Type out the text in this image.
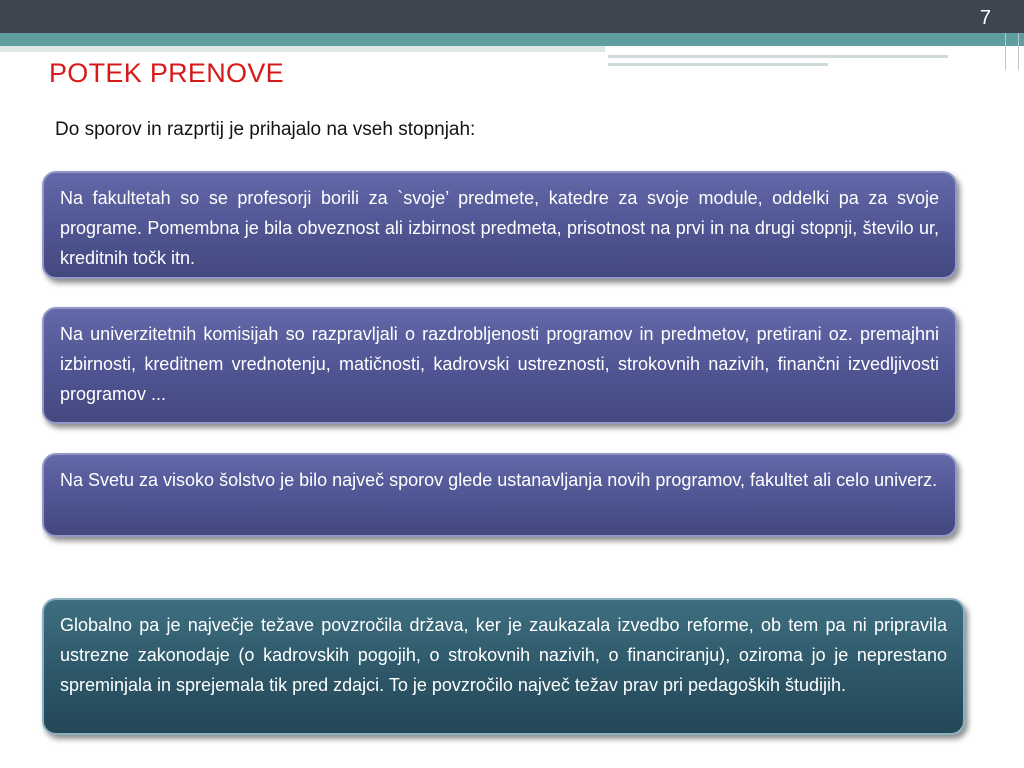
7
POTEK PRENOVE
Do sporov in razprtij je prihajalo na vseh stopnjah:
Na fakultetah so se profesorji borili za `svoje’ predmete, katedre za svoje module, oddelki pa za svoje programe. Pomembna je bila obveznost ali izbirnost predmeta, prisotnost na prvi in na drugi stopnji, število ur, kreditnih točk itn.
Na univerzitetnih komisijah so razpravljali o razdrobljenosti programov in predmetov, pretirani oz. premajhni izbirnosti, kreditnem vrednotenju, matičnosti, kadrovski ustreznosti, strokovnih nazivih, finančni izvedljivosti programov ...
Na Svetu za visoko šolstvo je bilo največ sporov glede ustanavljanja novih programov, fakultet ali celo univerz.
Globalno pa je največje težave povzročila država, ker je zaukazala izvedbo reforme, ob tem pa ni pripravila ustrezne zakonodaje (o kadrovskih pogojih, o strokovnih nazivih, o financiranju), oziroma jo je neprestano spreminjala in sprejemala tik pred zdajci. To je povzročilo največ težav prav pri pedagoških študijih.
